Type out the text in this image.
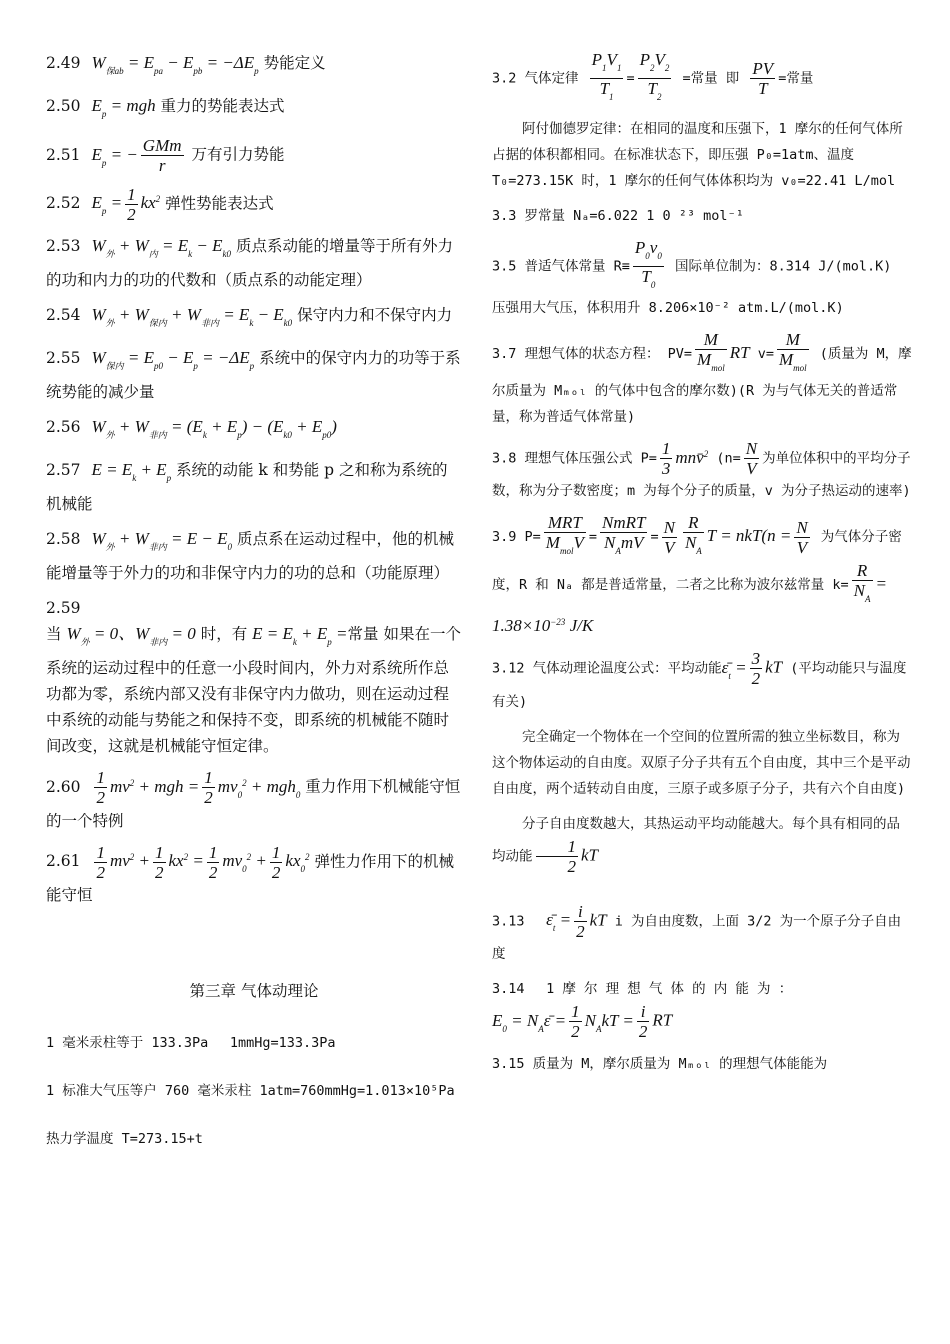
2.49 $W_{保ab} = E_{pa} - E_{pb} = -\Delta E_p$ 势能定义

2.50 $E_p$ = mgh 重力的势能表达式

2.51 $E_p$ = − $\frac{\text{GMm}}{r}$ 万有引力势能

2.52 $E_p = \frac{1}{2} kx^2$ 弹性势能表达式

2.53 $W_外 + W_内 = E_k - E_{k0}$ 质点系动能的增量等于所有外力的功和内力的功的代数和（质点系的动能定理）

2.54 $W_外 + W_{保内} + W_{非内} = E_k - E_{k0}$ 保守内力和不保守内力

2.55 $W_{保内} = E_{p0} - E_p = -\Delta E_p$ 系统中的保守内力的功等于系统势能的减少量

2.56 $W_外 + W_{非内} = (E_k + E_p) - (E_{k0} + E_{p0})$

2.57 $E = E_k + E_p$ 系统的动能 k 和势能 p 之和称为系统的机械能

2.58 $W_外 + W_{非内} = E - E_0$ 质点系在运动过程中，他的机械能增量等于外力的功和非保守内力的功的总和（功能原理）

2.59
当 $W_外 = 0$、$W_{非内} = 0$ 时，有 $E = E_k + E_p$ =常量 如果在一个系统的运动过程中的任意一小段时间内，外力对系统所作总功都为零，系统内部又没有非保守内力做功，则在运动过程中系统的动能与势能之和保持不变，即系统的机械能不随时间改变，这就是机械能守恒定律。

$2.60 \frac{1}{2} mv^2$ + mgh = $\frac{1}{2} mv_0^2 + mgh_0$ 重力作用下机械能守恒的一个特例

$2.61 \frac{1}{2} mv^2 + \frac{1}{2} kx^2 = \frac{1}{2} mv_0^2 + \frac{1}{2} kx_0^2$ 弹性力作用下的机械能守恒

第三章 气体动理论

1 毫米汞柱等于 133.3Pa　 1mmHg=133.3Pa

1 标准大气压等户 760 毫米汞柱 1atm=760mmHg=1.013×10⁵Pa

热力学温度 T=273.15+t

3.2 气体定律 $\frac{P_1V_1}{T_1} = \frac{P_2V_2}{T_2}$ =常量 即 $\frac{PV}{T}$ =常量

阿付伽德罗定律：在相同的温度和压强下，1 摩尔的任何气体所占据的体积都相同。在标准状态下，即压强 P₀=1atm、温度 T₀=273.15K 时，1 摩尔的任何气体体积均为 v₀=22.41 L/mol

3.3 罗常量 Nₐ=6.022 1 0 ²³ mol⁻¹

3.5 普适气体常量 $R\equiv \frac{P_0v_0}{T_0}$ 国际单位制为：8.314 J/(mol.K)
压强用大气压，体积用升 8.206×10⁻² atm.L/(mol.K)

3.7 理想气体的状态方程： $PV= \frac{M}{M_{mol}}$ RT $v= \frac{M}{M_{mol}}$ (质量为 M，摩尔质量为 Mₘₒₗ 的气体中包含的摩尔数)(R 为与气体无关的普适常量，称为普适气体常量)

3.8 理想气体压强公式 $P= \frac{1}{3}$ mnv̄$^2$ ($n= \frac{N}{V}$ 为单位体积中的平均分子数，称为分子数密度；m 为每个分子的质量，v 为分子热运动的速率)

3.9 $P= \frac{\text{MRT}}{M_{mol}V} = \frac{\text{NmRT}}{N_AmV} = \frac{N}{V} \frac{R}{N_A}$ $T = nkT(n = \frac{N}{V}$ 为气体分子密度，R 和 Nₐ 都是普适常量，二者之比称为波尔兹常量 $k= \frac{R}{N_A} = 1.38\times 10^{-23}$ J/K

3.12 气体动理论温度公式：平均动能$\varepsilon̄_t = \frac{3}{2}$ kT (平均动能只与温度有关)

完全确定一个物体在一个空间的位置所需的独立坐标数目，称为这个物体运动的自由度。双原子分子共有五个自由度，其中三个是平动自由度，两个适转动自由度，三原子或多原子分子，共有六个自由度)

分子自由度数越大，其热运动平均动能越大。每个具有相同的品均动能 $\frac{1}{2}$ kT

3.13　 $\varepsilon̄_t = \frac{i}{2}$ kT i 为自由度数，上面 3/2 为一个原子分子自由度

3.14　 1 摩 尔 理 想 气 体 的 内 能 为 ：
$E_0$ = $N_A\varepsilon̄ = \frac{1}{2} N_AkT = \frac{i}{2}$ RT

3.15 质量为 M，摩尔质量为 Mₘₒₗ 的理想气体能能为
